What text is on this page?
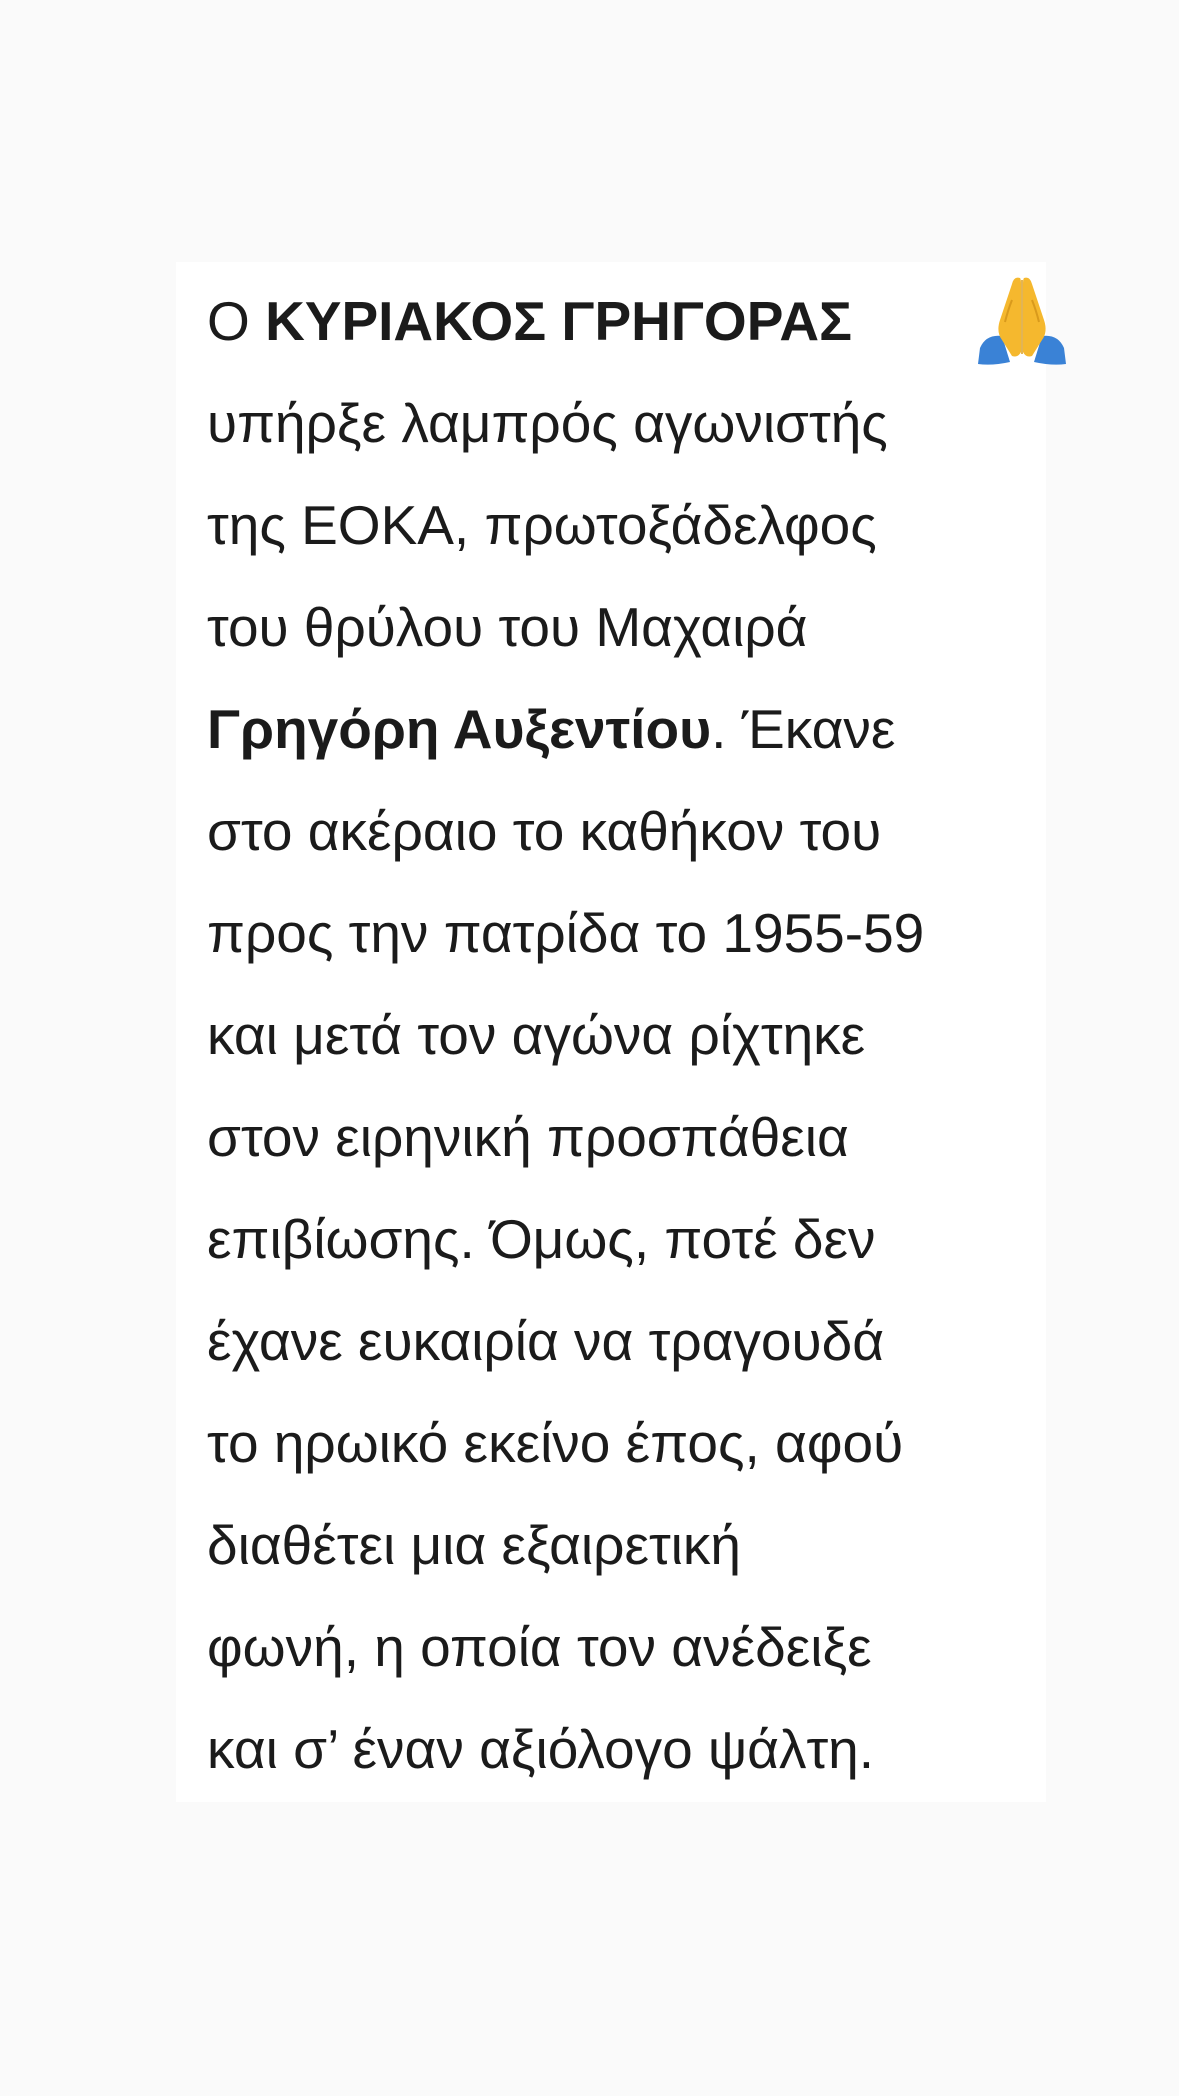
Ο ΚΥΡΙΑΚΟΣ ΓΡΗΓΟΡΑΣ
υπήρξε λαμπρός αγωνιστής
της ΕΟΚΑ, πρωτοξάδελφος
του θρύλου του Μαχαιρά
Γρηγόρη Αυξεντίου. Έκανε
στο ακέραιο το καθήκον του
προς την πατρίδα το 1955-59
και μετά τον αγώνα ρίχτηκε
στον ειρηνική προσπάθεια
επιβίωσης. Όμως, ποτέ δεν
έχανε ευκαιρία να τραγουδά
το ηρωικό εκείνο έπος, αφού
διαθέτει μια εξαιρετική
φωνή, η οποία τον ανέδειξε
και σ’ έναν αξιόλογο ψάλτη.
